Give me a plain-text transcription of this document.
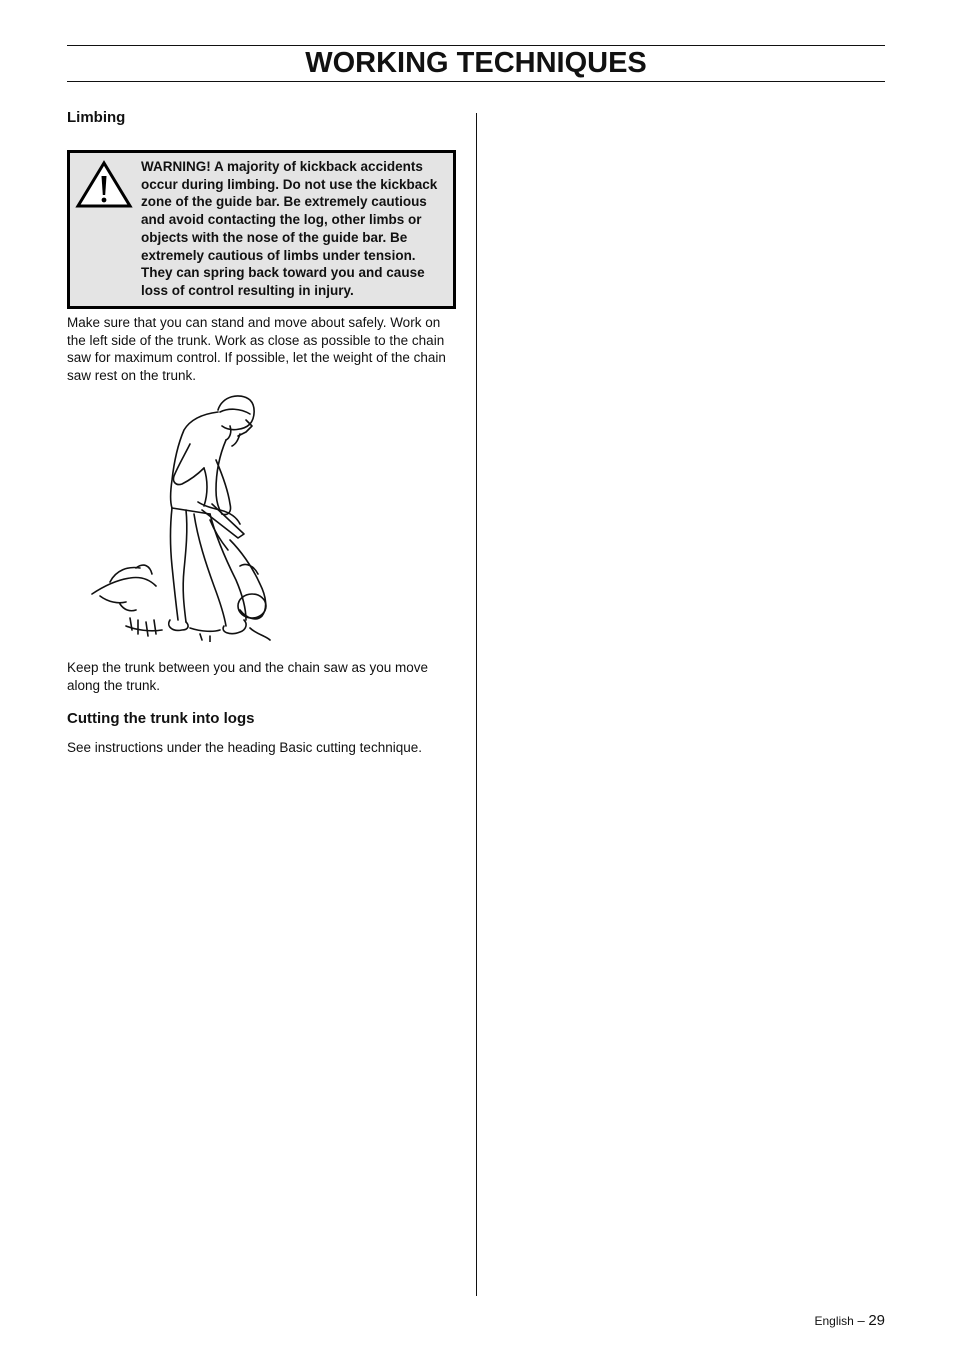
WORKING TECHNIQUES
Limbing
WARNING! A majority of kickback accidents occur during limbing. Do not use the kickback zone of the guide bar. Be extremely cautious and avoid contacting the log, other limbs or objects with the nose of the guide bar. Be extremely cautious of limbs under tension. They can spring back toward you and cause loss of control resulting in injury.

Make sure that you can stand and move about safely. Work on the left side of the trunk. Work as close as possible to the chain saw for maximum control. If possible, let the weight of the chain saw rest on the trunk.

Keep the trunk between you and the chain saw as you move along the trunk.

Cutting the trunk into logs

See instructions under the heading Basic cutting technique.

English – 29
